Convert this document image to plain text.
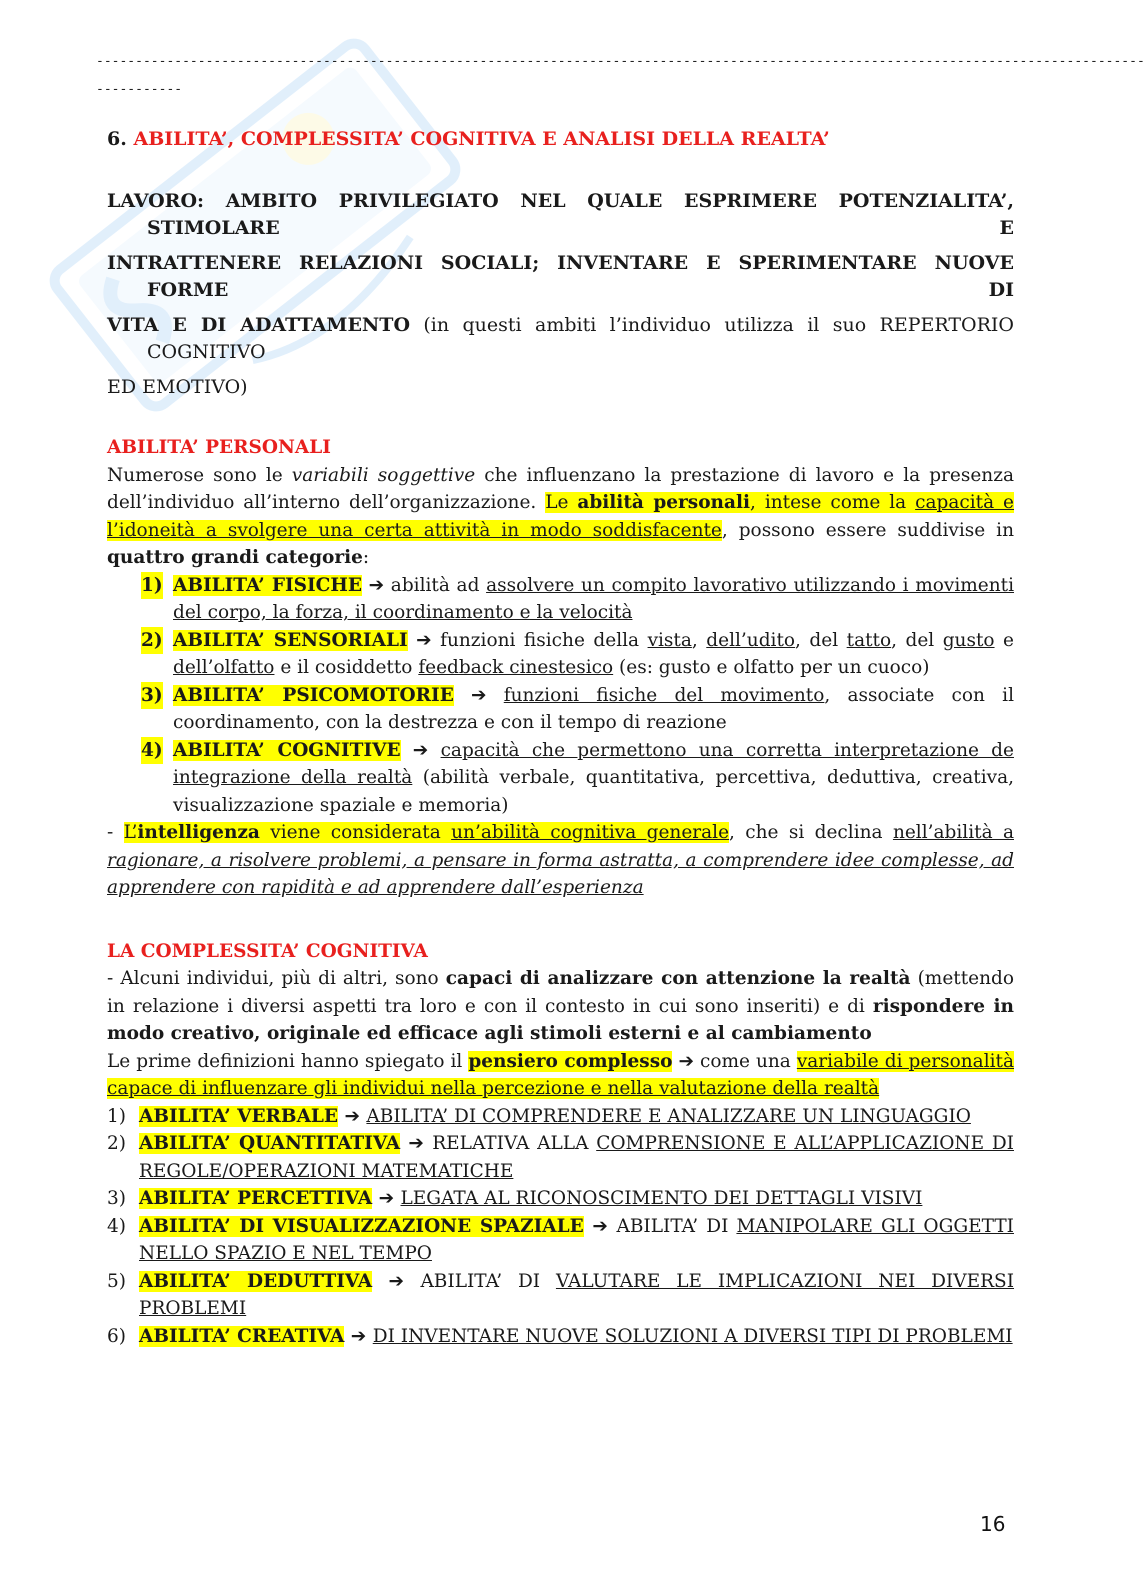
--------------------------------------------------------------------------------------------------------------------------------------
-----------
6. ABILITA’, COMPLESSITA’ COGNITIVA E ANALISI DELLA REALTA’

LAVORO: AMBITO PRIVILEGIATO NEL QUALE ESPRIMERE POTENZIALITA’, STIMOLARE E

INTRATTENERE RELAZIONI SOCIALI; INVENTARE E SPERIMENTARE NUOVE FORME DI

VITA E DI ADATTAMENTO (in questi ambiti l’individuo utilizza il suo REPERTORIO COGNITIVO

ED EMOTIVO)

ABILITA’ PERSONALI

Numerose sono le variabili soggettive che influenzano la prestazione di lavoro e la presenza dell’individuo all’interno dell’organizzazione. Le abilità personali, intese come la capacità e l’idoneità a svolgere una certa attività in modo soddisfacente, possono essere suddivise in quattro grandi categorie:

1) ABILITA’ FISICHE ➔ abilità ad assolvere un compito lavorativo utilizzando i movimenti del corpo, la forza, il coordinamento e la velocità
2) ABILITA’ SENSORIALI ➔ funzioni fisiche della vista, dell’udito, del tatto, del gusto e dell’olfatto e il cosiddetto feedback cinestesico (es: gusto e olfatto per un cuoco)
3) ABILITA’ PSICOMOTORIE ➔ funzioni fisiche del movimento, associate con il coordinamento, con la destrezza e con il tempo di reazione
4) ABILITA’ COGNITIVE ➔ capacità che permettono una corretta interpretazione de integrazione della realtà (abilità verbale, quantitativa, percettiva, deduttiva, creativa, visualizzazione spaziale e memoria)

- L’intelligenza viene considerata un’abilità cognitiva generale, che si declina nell’abilità a ragionare, a risolvere problemi, a pensare in forma astratta, a comprendere idee complesse, ad apprendere con rapidità e ad apprendere dall’esperienza

LA COMPLESSITA’ COGNITIVA

- Alcuni individui, più di altri, sono capaci di analizzare con attenzione la realtà (mettendo in relazione i diversi aspetti tra loro e con il contesto in cui sono inseriti) e di rispondere in modo creativo, originale ed efficace agli stimoli esterni e al cambiamento

Le prime definizioni hanno spiegato il pensiero complesso ➔ come una variabile di personalità capace di influenzare gli individui nella percezione e nella valutazione della realtà

1) ABILITA’ VERBALE ➔ ABILITA’ DI COMPRENDERE E ANALIZZARE UN LINGUAGGIO
2) ABILITA’ QUANTITATIVA ➔ RELATIVA ALLA COMPRENSIONE E ALL’APPLICAZIONE DI REGOLE/OPERAZIONI MATEMATICHE
3) ABILITA’ PERCETTIVA ➔ LEGATA AL RICONOSCIMENTO DEI DETTAGLI VISIVI
4) ABILITA’ DI VISUALIZZAZIONE SPAZIALE ➔ ABILITA’ DI MANIPOLARE GLI OGGETTI NELLO SPAZIO E NEL TEMPO
5) ABILITA’ DEDUTTIVA ➔ ABILITA’ DI VALUTARE LE IMPLICAZIONI NEI DIVERSI PROBLEMI
6) ABILITA’ CREATIVA ➔ DI INVENTARE NUOVE SOLUZIONI A DIVERSI TIPI DI PROBLEMI
16
